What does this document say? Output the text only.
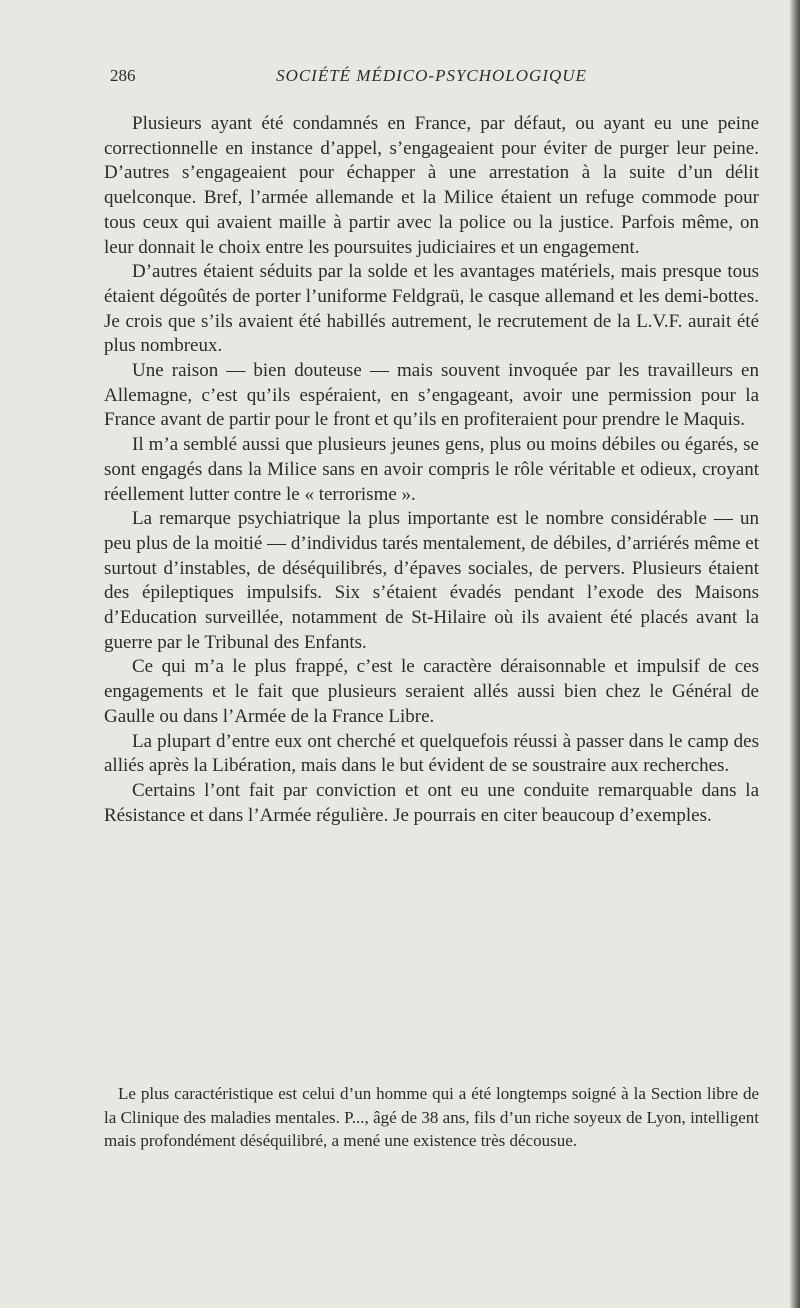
286	SOCIÉTÉ MÉDICO-PSYCHOLOGIQUE

Plusieurs ayant été condamnés en France, par défaut, ou ayant eu une peine correctionnelle en instance d’appel, s’engageaient pour éviter de purger leur peine. D’autres s’engageaient pour échapper à une arrestation à la suite d’un délit quelconque. Bref, l’armée allemande et la Milice étaient un refuge commode pour tous ceux qui avaient maille à partir avec la police ou la justice. Parfois même, on leur donnait le choix entre les poursuites judiciaires et un engagement.

D’autres étaient séduits par la solde et les avantages matériels, mais presque tous étaient dégoûtés de porter l’uniforme Feldgraü, le casque allemand et les demi-bottes. Je crois que s’ils avaient été habillés autrement, le recrutement de la L.V.F. aurait été plus nombreux.

Une raison — bien douteuse — mais souvent invoquée par les travailleurs en Allemagne, c’est qu’ils espéraient, en s’engageant, avoir une permission pour la France avant de partir pour le front et qu’ils en profiteraient pour prendre le Maquis.

Il m’a semblé aussi que plusieurs jeunes gens, plus ou moins débiles ou égarés, se sont engagés dans la Milice sans en avoir compris le rôle véritable et odieux, croyant réellement lutter contre le « terrorisme ».

La remarque psychiatrique la plus importante est le nombre considérable — un peu plus de la moitié — d’individus tarés mentalement, de débiles, d’arriérés même et surtout d’instables, de déséquilibrés, d’épaves sociales, de pervers. Plusieurs étaient des épileptiques impulsifs. Six s’étaient évadés pendant l’exode des Maisons d’Education surveillée, notamment de St-Hilaire où ils avaient été placés avant la guerre par le Tribunal des Enfants.

Ce qui m’a le plus frappé, c’est le caractère déraisonnable et impulsif de ces engagements et le fait que plusieurs seraient allés aussi bien chez le Général de Gaulle ou dans l’Armée de la France Libre.

La plupart d’entre eux ont cherché et quelquefois réussi à passer dans le camp des alliés après la Libération, mais dans le but évident de se soustraire aux recherches.

Certains l’ont fait par conviction et ont eu une conduite remarquable dans la Résistance et dans l’Armée régulière. Je pourrais en citer beaucoup d’exemples.

Le plus caractéristique est celui d’un homme qui a été longtemps soigné à la Section libre de la Clinique des maladies mentales. P..., âgé de 38 ans, fils d’un riche soyeux de Lyon, intelligent mais profondément déséquilibré, a mené une existence très décousue.
